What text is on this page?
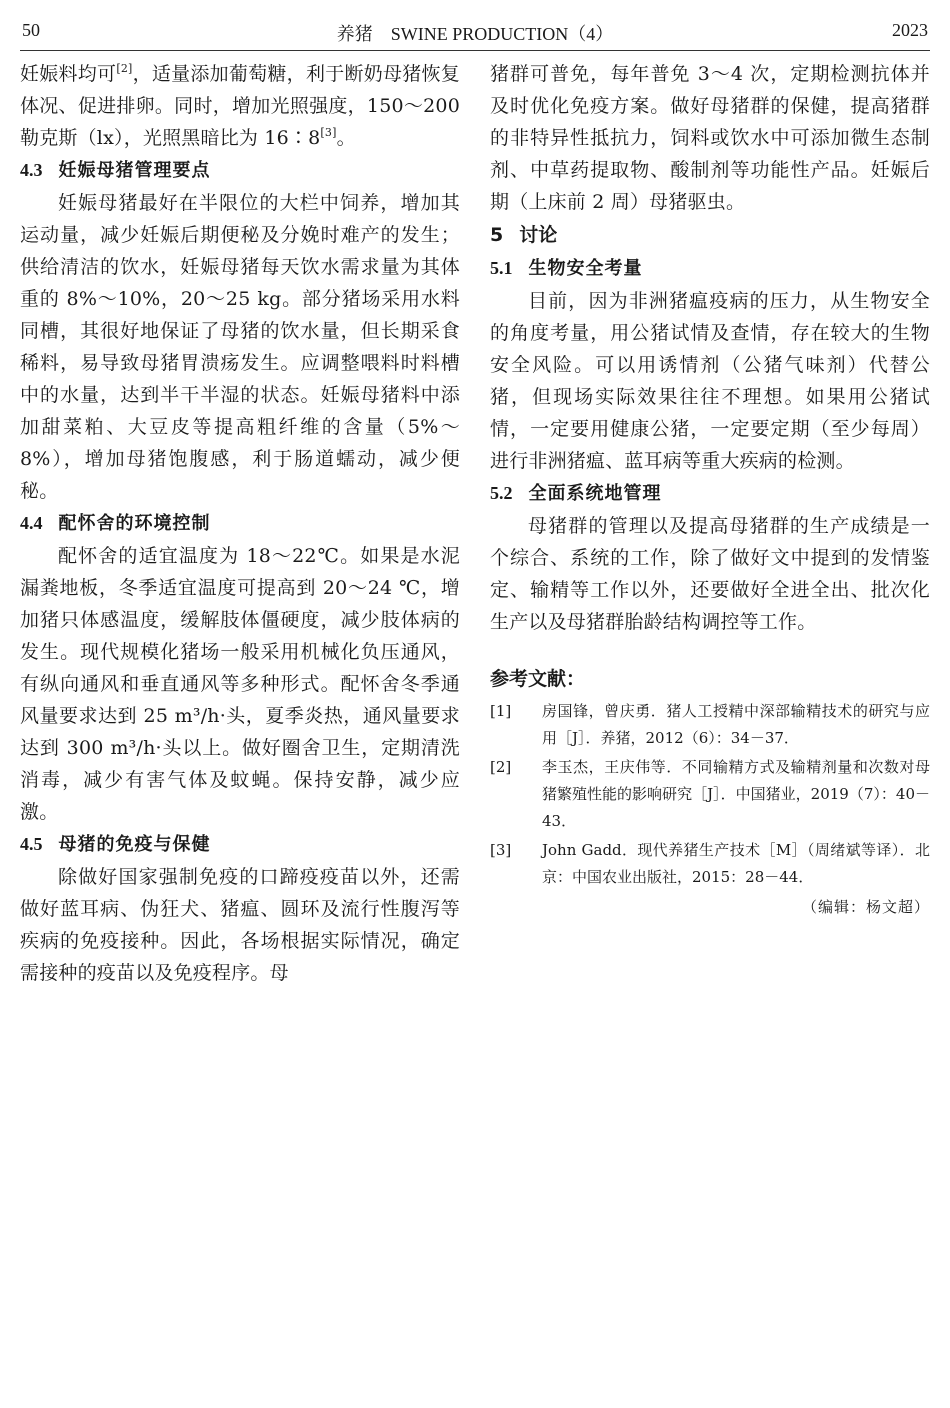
50	养猪　SWINE PRODUCTION（4）	2023

妊娠料均可[2]，适量添加葡萄糖，利于断奶母猪恢复体况、促进排卵。同时，增加光照强度，150～200 勒克斯（lx），光照黑暗比为 16∶8[3]。

4.3 妊娠母猪管理要点

妊娠母猪最好在半限位的大栏中饲养，增加其运动量，减少妊娠后期便秘及分娩时难产的发生；供给清洁的饮水，妊娠母猪每天饮水需求量为其体重的 8%～10%，20～25 kg。部分猪场采用水料同槽，其很好地保证了母猪的饮水量，但长期采食稀料，易导致母猪胃溃疡发生。应调整喂料时料槽中的水量，达到半干半湿的状态。妊娠母猪料中添加甜菜粕、大豆皮等提高粗纤维的含量（5%～8%），增加母猪饱腹感，利于肠道蠕动，减少便秘。

4.4 配怀舍的环境控制

配怀舍的适宜温度为 18～22℃。如果是水泥漏粪地板，冬季适宜温度可提高到 20～24 ℃，增加猪只体感温度，缓解肢体僵硬度，减少肢体病的发生。现代规模化猪场一般采用机械化负压通风，有纵向通风和垂直通风等多种形式。配怀舍冬季通风量要求达到 25 m³/h·头，夏季炎热，通风量要求达到 300 m³/h·头以上。做好圈舍卫生，定期清洗消毒，减少有害气体及蚊蝇。保持安静，减少应激。

4.5 母猪的免疫与保健

除做好国家强制免疫的口蹄疫疫苗以外，还需做好蓝耳病、伪狂犬、猪瘟、圆环及流行性腹泻等疾病的免疫接种。因此，各场根据实际情况，确定需接种的疫苗以及免疫程序。母

猪群可普免，每年普免 3～4 次，定期检测抗体并及时优化免疫方案。做好母猪群的保健，提高猪群的非特异性抵抗力，饲料或饮水中可添加微生态制剂、中草药提取物、酸制剂等功能性产品。妊娠后期（上床前 2 周）母猪驱虫。

5 讨论
5.1 生物安全考量

目前，因为非洲猪瘟疫病的压力，从生物安全的角度考量，用公猪试情及查情，存在较大的生物安全风险。可以用诱情剂（公猪气味剂）代替公猪，但现场实际效果往往不理想。如果用公猪试情，一定要用健康公猪，一定要定期（至少每周）进行非洲猪瘟、蓝耳病等重大疾病的检测。

5.2 全面系统地管理

母猪群的管理以及提高母猪群的生产成绩是一个综合、系统的工作，除了做好文中提到的发情鉴定、输精等工作以外，还要做好全进全出、批次化生产以及母猪群胎龄结构调控等工作。

参考文献：
[1]	房国锋，曾庆勇．猪人工授精中深部输精技术的研究与应用［J］．养猪，2012（6）：34－37．
[2]	李玉杰，王庆伟等．不同输精方式及输精剂量和次数对母猪繁殖性能的影响研究［J］．中国猪业，2019（7）：40－43．
[3]	John Gadd．现代养猪生产技术［M］（周绪斌等译）．北京：中国农业出版社，2015：28－44．

（编辑：杨文超）
